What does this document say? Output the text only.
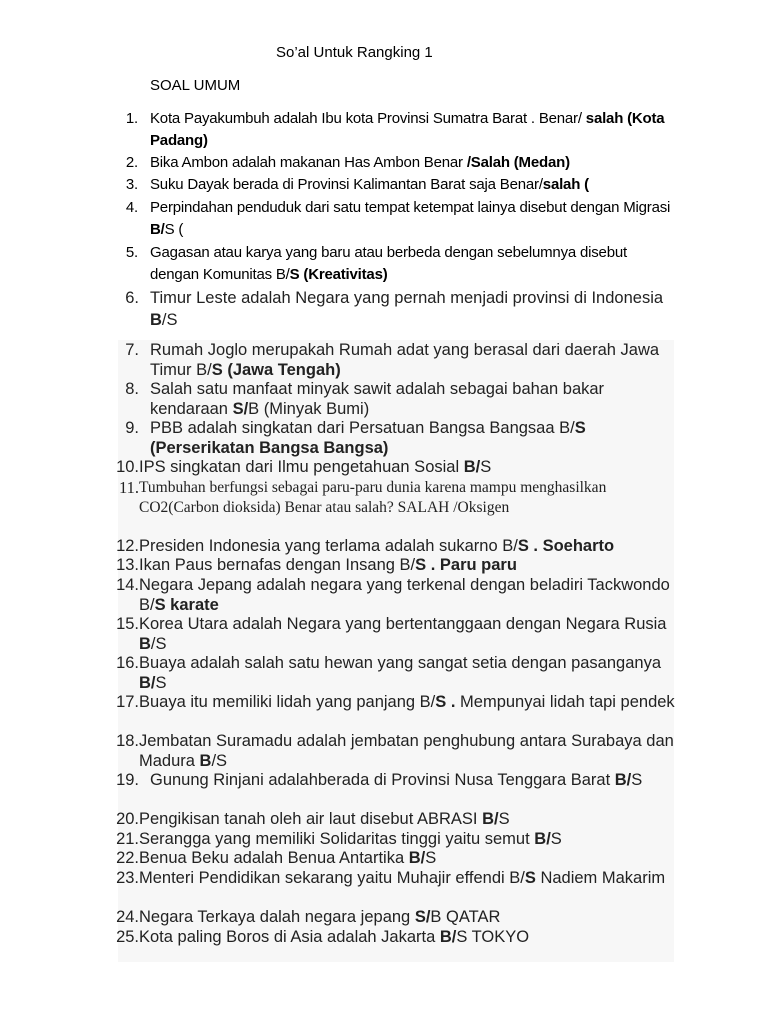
So’al Untuk Rangking 1
SOAL UMUM
1. Kota Payakumbuh adalah Ibu kota Provinsi Sumatra Barat . Benar/ salah (Kota Padang)
2. Bika Ambon adalah makanan Has Ambon Benar /Salah (Medan)
3. Suku Dayak berada di Provinsi Kalimantan Barat saja Benar/salah (
4. Perpindahan penduduk dari satu tempat ketempat lainya disebut dengan Migrasi B/S (
5. Gagasan atau karya yang baru atau berbeda dengan sebelumnya disebut dengan Komunitas B/S (Kreativitas)
6. Timur Leste adalah Negara yang pernah menjadi provinsi di Indonesia B/S
7. Rumah Joglo merupakah Rumah adat yang berasal dari daerah Jawa Timur B/S (Jawa Tengah)
8. Salah satu manfaat minyak sawit adalah sebagai bahan bakar kendaraan S/B (Minyak Bumi)
9. PBB adalah singkatan dari Persatuan Bangsa Bangsaa B/S (Perserikatan Bangsa Bangsa)
10. IPS singkatan dari Ilmu pengetahuan Sosial B/S
11. Tumbuhan berfungsi sebagai paru-paru dunia karena mampu menghasilkan CO2(Carbon dioksida) Benar atau salah? SALAH /Oksigen
12. Presiden Indonesia yang terlama adalah sukarno B/S . Soeharto
13. Ikan Paus bernafas dengan Insang B/S . Paru paru
14. Negara Jepang adalah negara yang terkenal dengan beladiri Tackwondo B/S karate
15. Korea Utara adalah Negara yang bertentanggaan dengan Negara Rusia B/S
16. Buaya adalah salah satu hewan yang sangat setia dengan pasanganya B/S
17. Buaya itu memiliki lidah yang panjang B/S . Mempunyai lidah tapi pendek
18. Jembatan Suramadu adalah jembatan penghubung antara Surabaya dan Madura B/S
19. Gunung Rinjani adalahberada di Provinsi Nusa Tenggara Barat B/S
20. Pengikisan tanah oleh air laut disebut ABRASI B/S
21. Serangga yang memiliki Solidaritas tinggi yaitu semut B/S
22. Benua Beku adalah Benua Antartika B/S
23. Menteri Pendidikan sekarang yaitu Muhajir effendi B/S Nadiem Makarim
24. Negara Terkaya dalah negara jepang S/B QATAR
25. Kota paling Boros di Asia adalah Jakarta B/S TOKYO
